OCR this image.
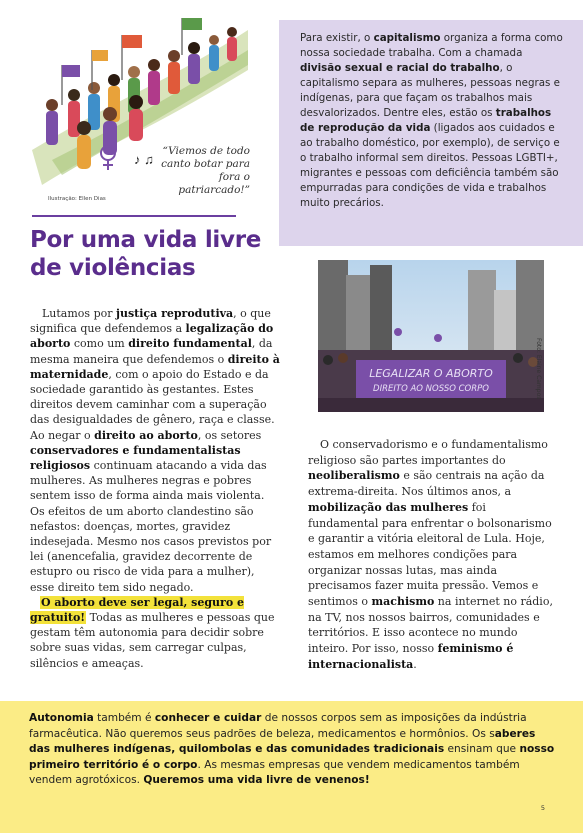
♪ ♫
“Viemos de todo canto botar para fora o patriarcado!”
Ilustração: Ellen Dias
Por uma vida livre
de violências
Para existir, o capitalismo organiza a forma como nossa sociedade trabalha. Com a chamada divisão sexual e racial do trabalho, o capitalismo separa as mulheres, pessoas negras e indígenas, para que façam os trabalhos mais desvalorizados. Dentre eles, estão os trabalhos de reprodução da vida (ligados aos cuidados e ao trabalho doméstico, por exemplo), de serviço e o trabalho informal sem direitos. Pessoas LGBTI+, migrantes e pessoas com deficiência também são empurradas para condições de vida e trabalhos muito precários.
LEGALIZAR O ABORTO
DIREITO AO NOSSO CORPO	Foto: Elaine Campos

Lutamos por justiça reprodutiva, o que significa que defendemos a legalização do aborto como um direito fundamental, da mesma maneira que defendemos o direito à maternidade, com o apoio do Estado e da sociedade garantido às gestantes. Estes direitos devem caminhar com a superação das desigualdades de gênero, raça e classe.

Ao negar o direito ao aborto, os setores conservadores e fundamentalistas religiosos continuam atacando a vida das mulheres. As mulheres negras e pobres sentem isso de forma ainda mais violenta. Os efeitos de um aborto clandestino são nefastos: doenças, mortes, gravidez indesejada. Mesmo nos casos previstos por lei (anencefalia, gravidez decorrente de estupro ou risco de vida para a mulher), esse direito tem sido negado.

O aborto deve ser legal, seguro e gratuito! Todas as mulheres e pessoas que gestam têm autonomia para decidir sobre sobre suas vidas, sem carregar culpas, silêncios e ameaças.

O conservadorismo e o fundamentalismo religioso são partes importantes do neoliberalismo e são centrais na ação da extrema-direita. Nos últimos anos, a mobilização das mulheres foi fundamental para enfrentar o bolsonarismo e garantir a vitória eleitoral de Lula. Hoje, estamos em melhores condições para organizar nossas lutas, mas ainda precisamos fazer muita pressão. Vemos e sentimos o machismo na internet no rádio, na TV, nos nossos bairros, comunidades e territórios. E isso acontece no mundo inteiro. Por isso, nosso feminismo é internacionalista.

Autonomia também é conhecer e cuidar de nossos corpos sem as imposições da indústria farmacêutica. Não queremos seus padrões de beleza, medicamentos e hormônios. Os saberes das mulheres indígenas, quilombolas e das comunidades tradicionais ensinam que nosso primeiro território é o corpo. As mesmas empresas que vendem medicamentos também vendem agrotóxicos. Queremos uma vida livre de venenos!
5
